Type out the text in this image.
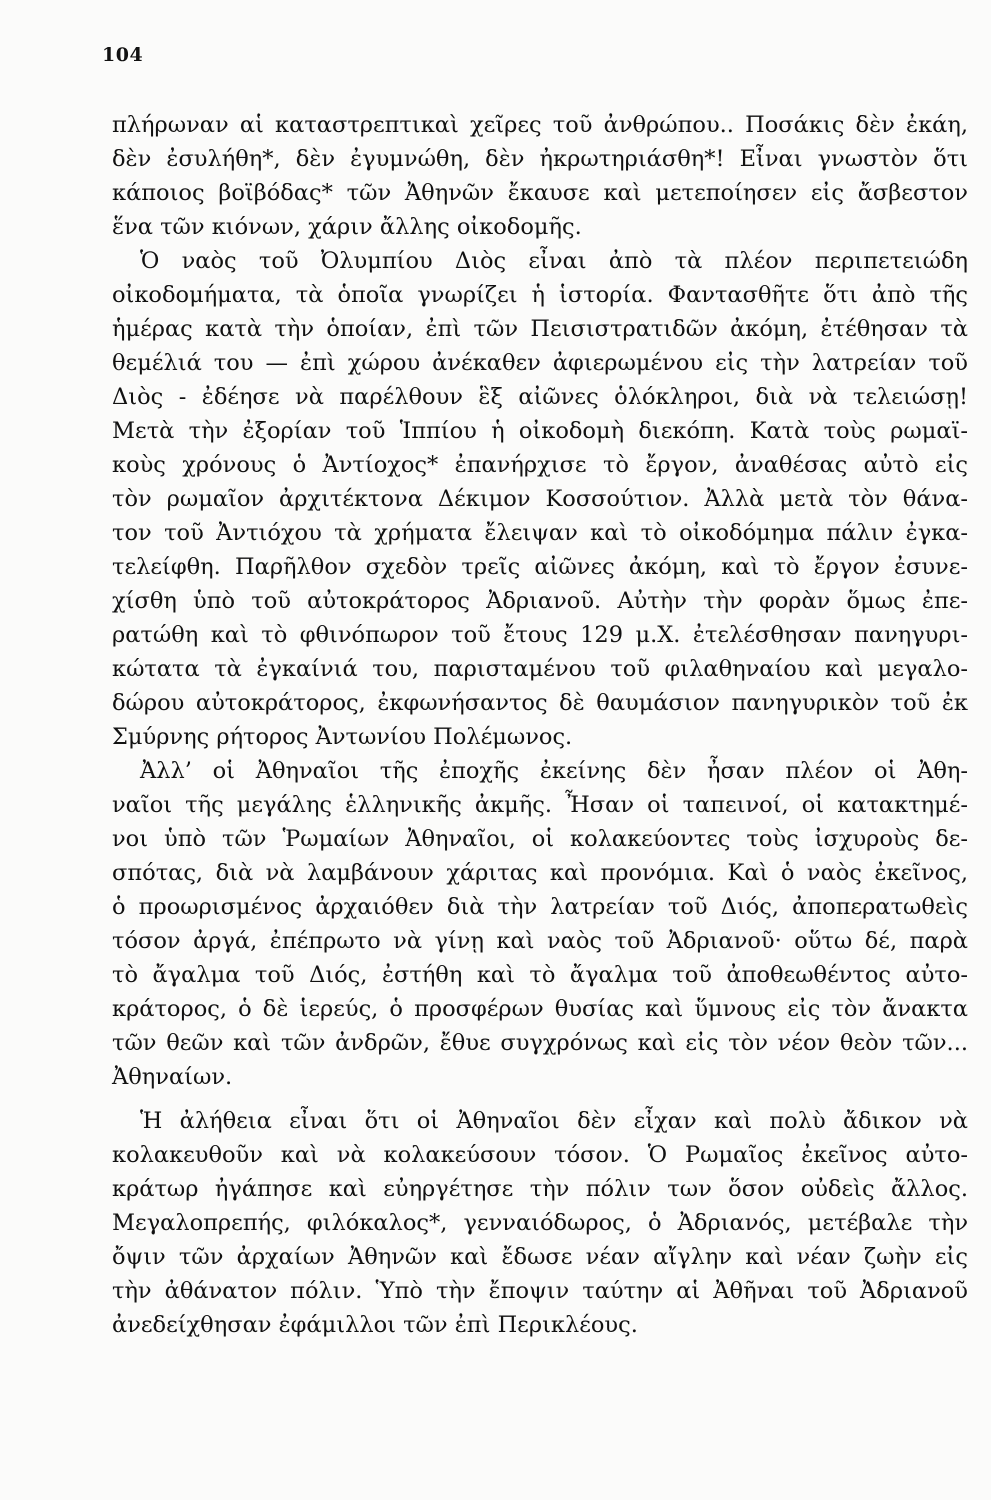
104
πλήρωναν αἱ καταστρεπτικαὶ χεῖρες τοῦ ἀνθρώπου.. Ποσάκις δὲν ἐκάη,
δὲν ἐσυλήθη*, δὲν ἐγυμνώθη, δὲν ἠκρωτηριάσθη*! Εἶναι γνωστὸν ὅτι
κάποιος βοϊβόδας* τῶν Ἀθηνῶν ἔκαυσε καὶ μετεποίησεν εἰς ἄσβεστον
ἕνα τῶν κιόνων, χάριν ἄλλης οἰκοδομῆς.
Ὁ ναὸς τοῦ Ὀλυμπίου Διὸς εἶναι ἀπὸ τὰ πλέον περιπετειώδη
οἰκοδομήματα, τὰ ὁποῖα γνωρίζει ἡ ἱστορία. Φαντασθῆτε ὅτι ἀπὸ τῆς
ἡμέρας κατὰ τὴν ὁποίαν, ἐπὶ τῶν Πεισιστρατιδῶν ἀκόμη, ἐτέθησαν τὰ
θεμέλιά του — ἐπὶ χώρου ἀνέκαθεν ἀφιερωμένου εἰς τὴν λατρείαν τοῦ
Διὸς - ἐδέησε νὰ παρέλθουν ἓξ αἰῶνες ὁλόκληροι, διὰ νὰ τελειώσῃ!
Μετὰ τὴν ἐξορίαν τοῦ Ἱππίου ἡ οἰκοδομὴ διεκόπη. Κατὰ τοὺς ρωμαϊ-
κοὺς χρόνους ὁ Ἀντίοχος* ἐπανήρχισε τὸ ἔργον, ἀναθέσας αὐτὸ εἰς
τὸν ρωμαῖον ἀρχιτέκτονα Δέκιμον Κοσσούτιον. Ἀλλὰ μετὰ τὸν θάνα-
τον τοῦ Ἀντιόχου τὰ χρήματα ἔλειψαν καὶ τὸ οἰκοδόμημα πάλιν ἐγκα-
τελείφθη. Παρῆλθον σχεδὸν τρεῖς αἰῶνες ἀκόμη, καὶ τὸ ἔργον ἐσυνε-
χίσθη ὑπὸ τοῦ αὐτοκράτορος Ἀδριανοῦ. Αὐτὴν τὴν φορὰν ὅμως ἐπε-
ρατώθη καὶ τὸ φθινόπωρον τοῦ ἔτους 129 μ.Χ. ἐτελέσθησαν πανηγυρι-
κώτατα τὰ ἐγκαίνιά του, παρισταμένου τοῦ φιλαθηναίου καὶ μεγαλο-
δώρου αὐτοκράτορος, ἐκφωνήσαντος δὲ θαυμάσιον πανηγυρικὸν τοῦ ἐκ
Σμύρνης ρήτορος Ἀντωνίου Πολέμωνος.
Ἀλλ’ οἱ Ἀθηναῖοι τῆς ἐποχῆς ἐκείνης δὲν ἦσαν πλέον οἱ Ἀθη-
ναῖοι τῆς μεγάλης ἑλληνικῆς ἀκμῆς. Ἦσαν οἱ ταπεινοί, οἱ κατακτημέ-
νοι ὑπὸ τῶν Ῥωμαίων Ἀθηναῖοι, οἱ κολακεύοντες τοὺς ἰσχυροὺς δε-
σπότας, διὰ νὰ λαμβάνουν χάριτας καὶ προνόμια. Καὶ ὁ ναὸς ἐκεῖνος,
ὁ προωρισμένος ἀρχαιόθεν διὰ τὴν λατρείαν τοῦ Διός, ἀποπερατωθεὶς
τόσον ἀργά, ἐπέπρωτο νὰ γίνῃ καὶ ναὸς τοῦ Ἀδριανοῦ· οὕτω δέ, παρὰ
τὸ ἄγαλμα τοῦ Διός, ἐστήθη καὶ τὸ ἄγαλμα τοῦ ἀποθεωθέντος αὐτο-
κράτορος, ὁ δὲ ἱερεύς, ὁ προσφέρων θυσίας καὶ ὕμνους εἰς τὸν ἄνακτα
τῶν θεῶν καὶ τῶν ἀνδρῶν, ἔθυε συγχρόνως καὶ εἰς τὸν νέον θεὸν τῶν...
Ἀθηναίων.
Ἡ ἀλήθεια εἶναι ὅτι οἱ Ἀθηναῖοι δὲν εἶχαν καὶ πολὺ ἄδικον νὰ
κολακευθοῦν καὶ νὰ κολακεύσουν τόσον. Ὁ Ρωμαῖος ἐκεῖνος αὐτο-
κράτωρ ἠγάπησε καὶ εὐηργέτησε τὴν πόλιν των ὅσον οὐδεὶς ἄλλος.
Μεγαλοπρεπής, φιλόκαλος*, γενναιόδωρος, ὁ Ἀδριανός, μετέβαλε τὴν
ὄψιν τῶν ἀρχαίων Ἀθηνῶν καὶ ἔδωσε νέαν αἴγλην καὶ νέαν ζωὴν εἰς
τὴν ἀθάνατον πόλιν. Ὑπὸ τὴν ἔποψιν ταύτην αἱ Ἀθῆναι τοῦ Ἀδριανοῦ
ἀνεδείχθησαν ἐφάμιλλοι τῶν ἐπὶ Περικλέους.
